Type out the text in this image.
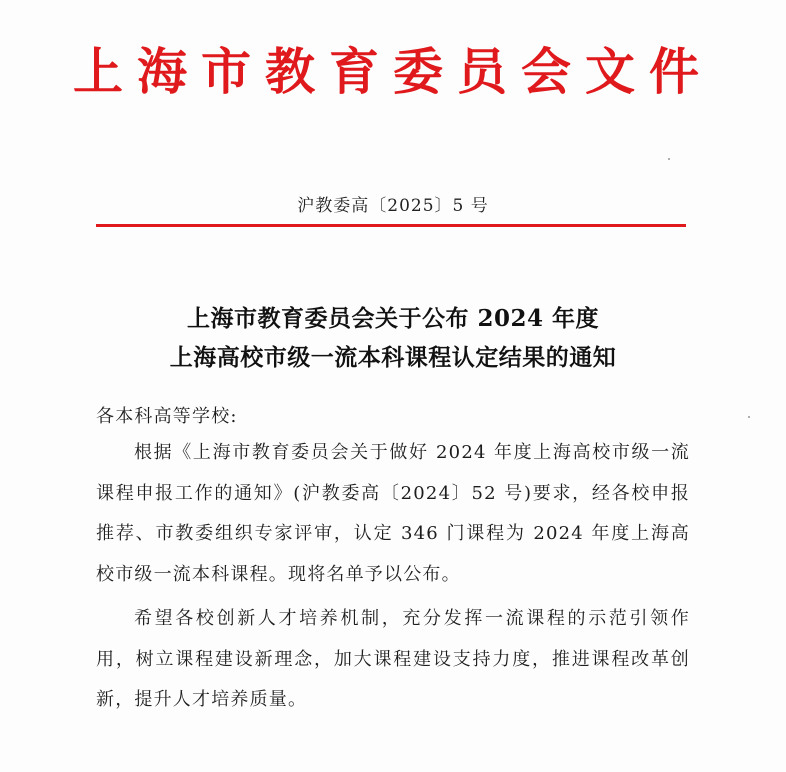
上海市教育委员会文件
沪教委高〔2025〕5 号
上海市教育委员会关于公布 2024 年度
上海高校市级一流本科课程认定结果的通知
各本科高等学校:
根据《上海市教育委员会关于做好 2024 年度上海高校市级一流课程申报工作的通知》(沪教委高〔2024〕52 号)要求，经各校申报推荐、市教委组织专家评审，认定 346 门课程为 2024 年度上海高校市级一流本科课程。现将名单予以公布。
希望各校创新人才培养机制，充分发挥一流课程的示范引领作用，树立课程建设新理念，加大课程建设支持力度，推进课程改革创新，提升人才培养质量。
